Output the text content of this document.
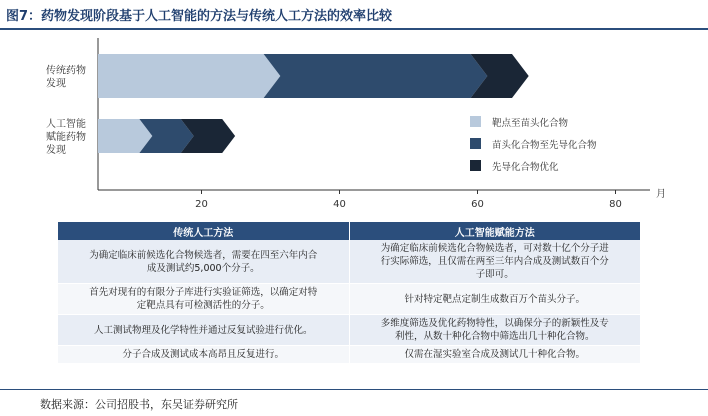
图7：药物发现阶段基于人工智能的方法与传统人工方法的效率比较
20	40	60	80
月
传统药物
发现
人工智能
赋能药物
发现
靶点至苗头化合物
苗头化合物至先导化合物
先导化合物优化
传统人工方法	人工智能赋能方法
为确定临床前候选化合物候选者，需要在四至六年内合
成及测试约5,000个分子。	为确定临床前候选化合物候选者，可对数十亿个分子进
行实际筛选，且仅需在两至三年内合成及测试数百个分
子即可。
首先对现有的有限分子库进行实验证筛选，以确定对特
定靶点具有可检测活性的分子。	针对特定靶点定制生成数百万个苗头分子。
人工测试物理及化学特性并通过反复试验进行优化。	多维度筛选及优化药物特性，以确保分子的新颖性及专
利性，从数十种化合物中筛选出几十种化合物。
分子合成及测试成本高昂且反复进行。	仅需在湿实验室合成及测试几十种化合物。
数据来源：公司招股书，东吴证券研究所
